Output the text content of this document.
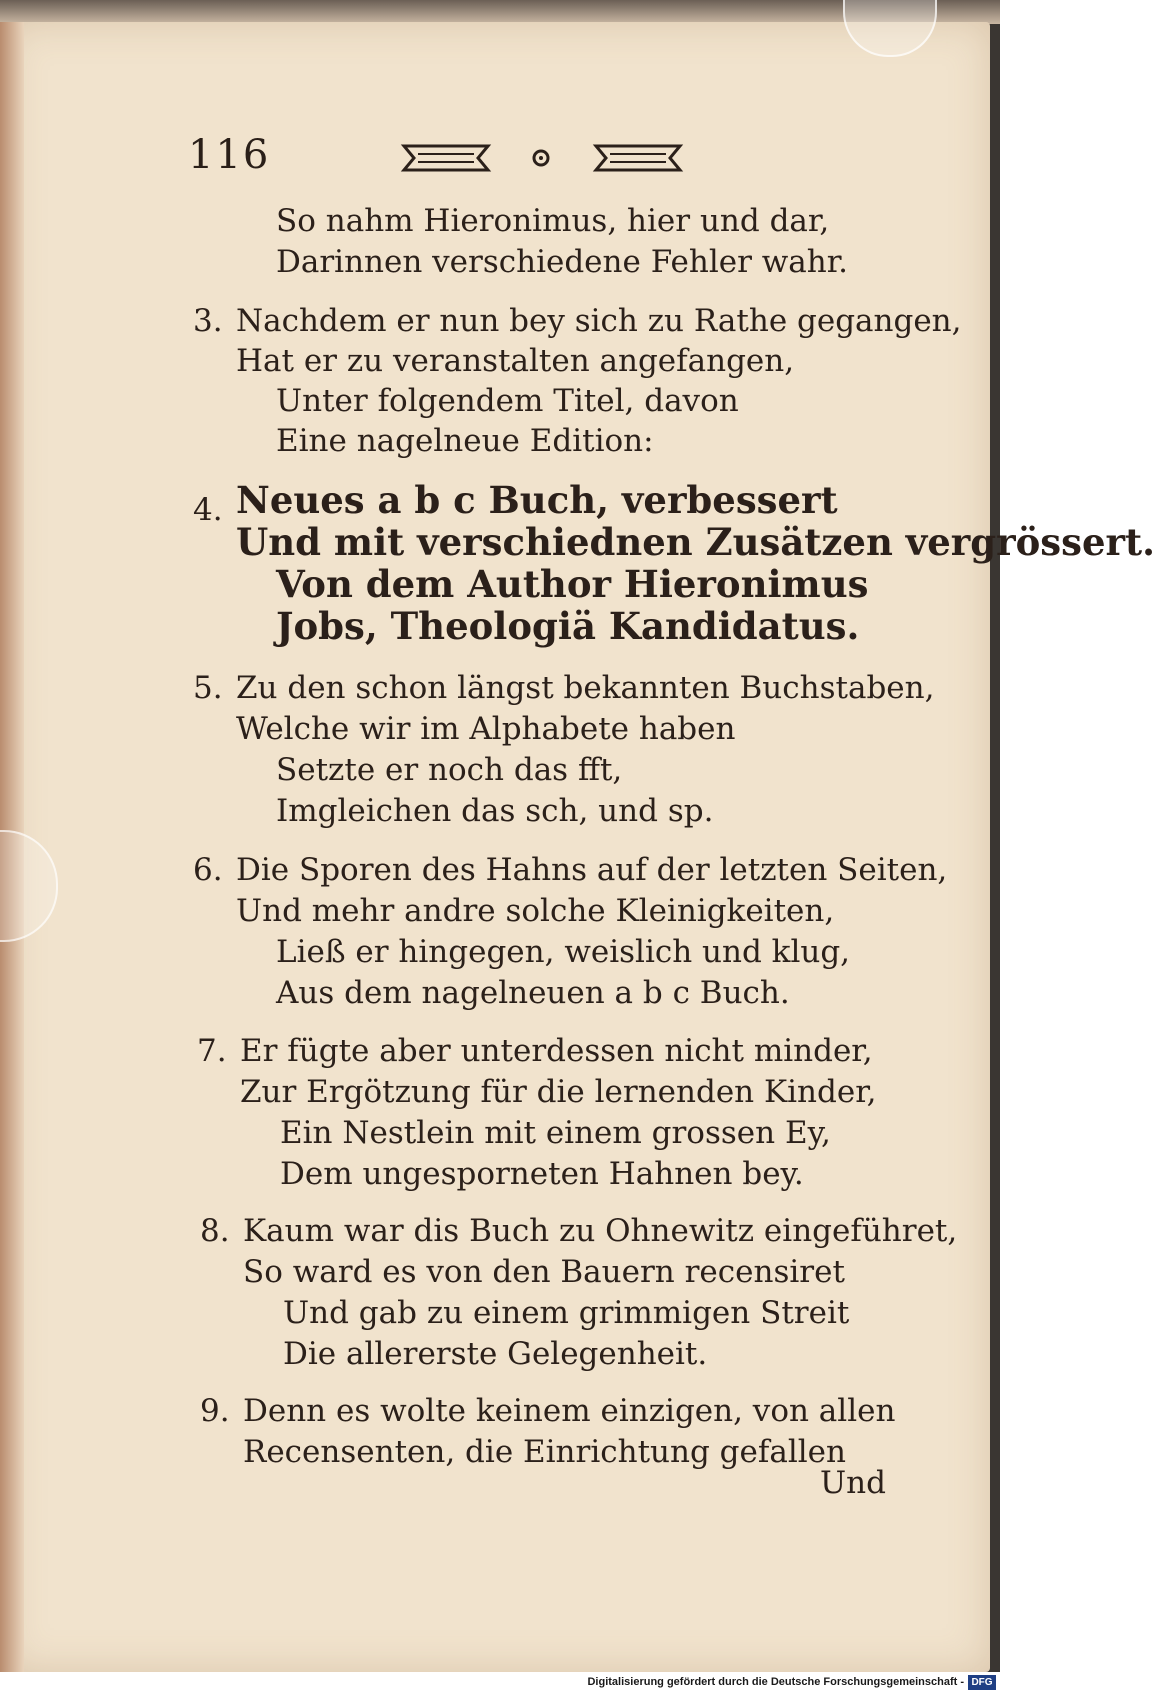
116
So nahm Hieronimus, hier und dar,
Darinnen verschiedene Fehler wahr.
3. Nachdem er nun bey sich zu Rathe gegangen,
Hat er zu veranstalten angefangen,
Unter folgendem Titel, davon
Eine nagelneue Edition:
4. Neues a b c Buch, verbessert
Und mit verschiednen Zusätzen vergrössert.
Von dem Author Hieronimus
Jobs, Theologiä Kandidatus.
5. Zu den schon längst bekannten Buchstaben,
Welche wir im Alphabete haben
Setzte er noch das fft,
Imgleichen das sch, und sp.
6. Die Sporen des Hahns auf der letzten Seiten,
Und mehr andre solche Kleinigkeiten,
Ließ er hingegen, weislich und klug,
Aus dem nagelneuen a b c Buch.
7. Er fügte aber unterdessen nicht minder,
Zur Ergötzung für die lernenden Kinder,
Ein Nestlein mit einem grossen Ey,
Dem ungesporneten Hahnen bey.
8. Kaum war dis Buch zu Ohnewitz eingeführet,
So ward es von den Bauern recensiret
Und gab zu einem grimmigen Streit
Die allererste Gelegenheit.
9. Denn es wolte keinem einzigen, von allen
Recensenten, die Einrichtung gefallen
Und
Digitalisierung gefördert durch die Deutsche Forschungsgemeinschaft - DFG
